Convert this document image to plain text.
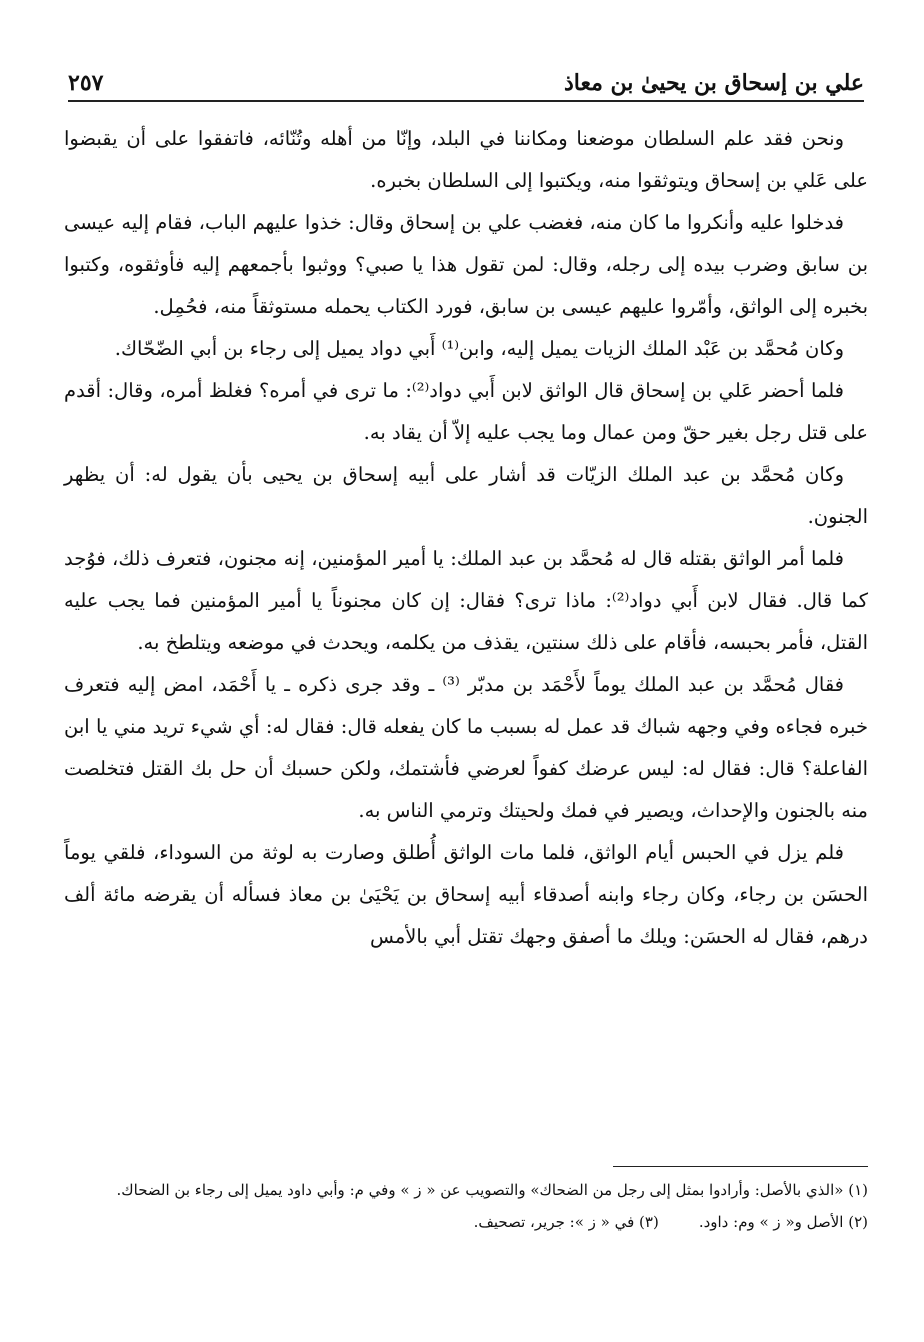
٢٥٧	علي بن إسحاق بن يحيىٰ بن معاذ

ونحن فقد علم السلطان موضعنا ومكاننا في البلد، وإنّا من أهله وتُنّائه، فاتفقوا على أن يقبضوا على عَلي بن إسحاق ويتوثقوا منه، ويكتبوا إلى السلطان بخبره.

فدخلوا عليه وأنكروا ما كان منه، فغضب علي بن إسحاق وقال: خذوا عليهم الباب، فقام إليه عيسى بن سابق وضرب بيده إلى رجله، وقال: لمن تقول هذا يا صبي؟ ووثبوا بأجمعهم إليه فأوثقوه، وكتبوا بخبره إلى الواثق، وأمّروا عليهم عيسى بن سابق، فورد الكتاب يحمله مستوثقاً منه، فحُمِل.

وكان مُحمَّد بن عَبْد الملك الزيات يميل إليه، وابن⁽¹⁾ أَبي دواد يميل إلى رجاء بن أبي الضّحّاك.

فلما أحضر عَلي بن إسحاق قال الواثق لابن أَبي دواد⁽²⁾: ما ترى في أمره؟ فغلظ أمره، وقال: أقدم على قتل رجل بغير حقّ ومن عمال وما يجب عليه إلاّ أن يقاد به.

وكان مُحمَّد بن عبد الملك الزيّات قد أشار على أبيه إسحاق بن يحيى بأن يقول له: أن يظهر الجنون.

فلما أمر الواثق بقتله قال له مُحمَّد بن عبد الملك: يا أمير المؤمنين، إنه مجنون، فتعرف ذلك، فوُجد كما قال. فقال لابن أَبي دواد⁽²⁾: ماذا ترى؟ فقال: إن كان مجنوناً يا أمير المؤمنين فما يجب عليه القتل، فأمر بحبسه، فأقام على ذلك سنتين، يقذف من يكلمه، ويحدث في موضعه ويتلطخ به.

فقال مُحمَّد بن عبد الملك يوماً لأَحْمَد بن مدبّر ⁽³⁾ ـ وقد جرى ذكره ـ يا أَحْمَد، امض إليه فتعرف خبره فجاءه وفي وجهه شباك قد عمل له بسبب ما كان يفعله قال: فقال له: أي شيء تريد مني يا ابن الفاعلة؟ قال: فقال له: ليس عرضك كفواً لعرضي فأشتمك، ولكن حسبك أن حل بك القتل فتخلصت منه بالجنون والإحداث، ويصير في فمك ولحيتك وترمي الناس به.

فلم يزل في الحبس أيام الواثق، فلما مات الواثق أُطلق وصارت به لوثة من السوداء، فلقي يوماً الحسَن بن رجاء، وكان رجاء وابنه أصدقاء أبيه إسحاق بن يَحْيَىٰ بن معاذ فسأله أن يقرضه مائة ألف درهم، فقال له الحسَن: ويلك ما أصفق وجهك تقتل أبي بالأمس

(١) «الذي بالأصل: وأرادوا بمثل إلى رجل من الضحاك» والتصويب عن « ز » وفي م: وأبي داود يميل إلى رجاء بن الضحاك.

(٢) الأصل و« ز » وم: داود.
(٣) في « ز »: جرير، تصحيف.
